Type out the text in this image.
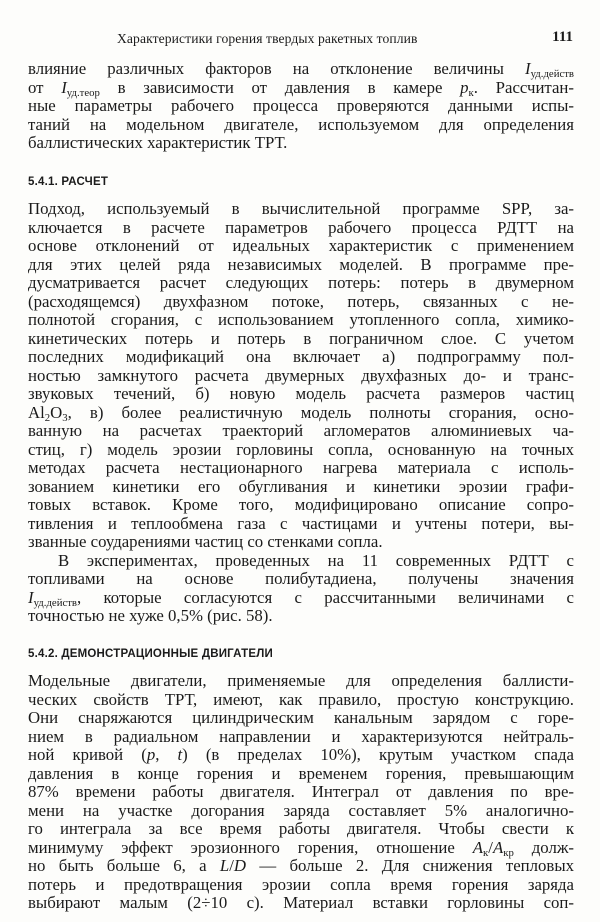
Характеристики горения твердых ракетных топлив	111
влияние различных факторов на отклонение величины $I_{уд.действ}$
от $I_{уд.теор}$ в зависимости от давления в камере $p_к$. Рассчитан-
ные параметры рабочего процесса проверяются данными испы-
таний на модельном двигателе, используемом для определения
баллистических характеристик ТРТ.
5.4.1. РАСЧЕТ
Подход, используемый в вычислительной программе SPP, за-
ключается в расчете параметров рабочего процесса РДТТ на
основе отклонений от идеальных характеристик с применением
для этих целей ряда независимых моделей. В программе пре-
дусматривается расчет следующих потерь: потерь в двумерном
(расходящемся) двухфазном потоке, потерь, связанных с не-
полнотой сгорания, с использованием утопленного сопла, химико-
кинетических потерь и потерь в пограничном слое. С учетом
последних модификаций она включает а) подпрограмму пол-
ностью замкнутого расчета двумерных двухфазных до- и транс-
звуковых течений, б) новую модель расчета размеров частиц
$Al_2O_3$, в) более реалистичную модель полноты сгорания, осно-
ванную на расчетах траекторий агломератов алюминиевых ча-
стиц, г) модель эрозии горловины сопла, основанную на точных
методах расчета нестационарного нагрева материала с исполь-
зованием кинетики его обугливания и кинетики эрозии графи-
товых вставок. Кроме того, модифицировано описание сопро-
тивления и теплообмена газа с частицами и учтены потери, вы-
званные соударениями частиц со стенками сопла.
В экспериментах, проведенных на 11 современных РДТТ с
топливами на основе полибутадиена, получены значения
$I_{уд.действ}$, которые согласуются с рассчитанными величинами с
точностью не хуже 0,5% (рис. 58).
5.4.2. ДЕМОНСТРАЦИОННЫЕ ДВИГАТЕЛИ
Модельные двигатели, применяемые для определения баллисти-
ческих свойств ТРТ, имеют, как правило, простую конструкцию.
Они снаряжаются цилиндрическим канальным зарядом с горе-
нием в радиальном направлении и характеризуются нейтраль-
ной кривой (p, t) (в пределах 10%), крутым участком спада
давления в конце горения и временем горения, превышающим
87% времени работы двигателя. Интеграл от давления по вре-
мени на участке догорания заряда составляет 5% аналогично-
го интеграла за все время работы двигателя. Чтобы свести к
минимуму эффект эрозионного горения, отношение $A_к/A_{кр}$ долж-
но быть больше 6, а L/D — больше 2. Для снижения тепловых
потерь и предотвращения эрозии сопла время горения заряда
выбирают малым (2÷10 с). Материал вставки горловины соп-
